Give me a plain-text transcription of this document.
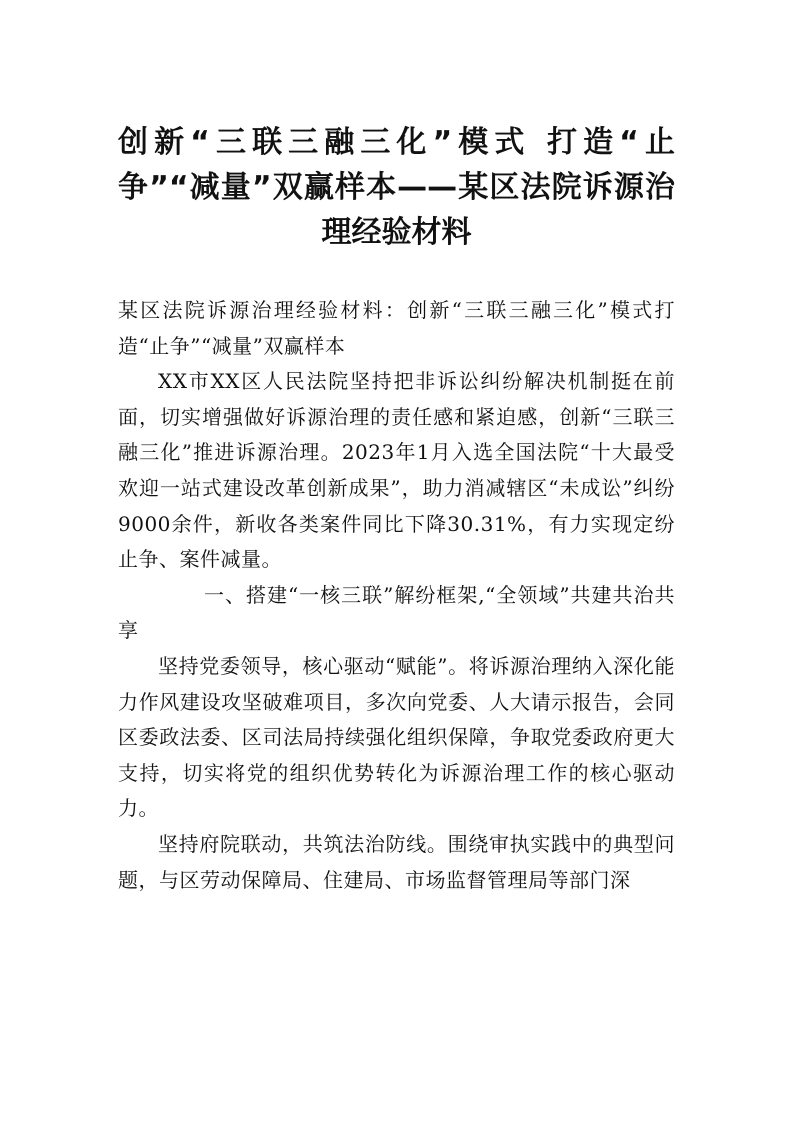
创新“三联三融三化”模式 打造“止争”“减量”双赢样本——某区法院诉源治理经验材料

某区法院诉源治理经验材料：创新“三联三融三化”模式打造“止争”“减量”双赢样本

XX市XX区人民法院坚持把非诉讼纠纷解决机制挺在前面，切实增强做好诉源治理的责任感和紧迫感，创新“三联三融三化”推进诉源治理。2023年1月入选全国法院“十大最受欢迎一站式建设改革创新成果”，助力消减辖区“未成讼”纠纷9000余件，新收各类案件同比下降30.31%，有力实现定纷止争、案件减量。

一、搭建“一核三联”解纷框架,“全领域”共建共治共享

坚持党委领导，核心驱动“赋能”。将诉源治理纳入深化能力作风建设攻坚破难项目，多次向党委、人大请示报告，会同区委政法委、区司法局持续强化组织保障，争取党委政府更大支持，切实将党的组织优势转化为诉源治理工作的核心驱动力。

坚持府院联动，共筑法治防线。围绕审执实践中的典型问题，与区劳动保障局、住建局、市场监督管理局等部门深
